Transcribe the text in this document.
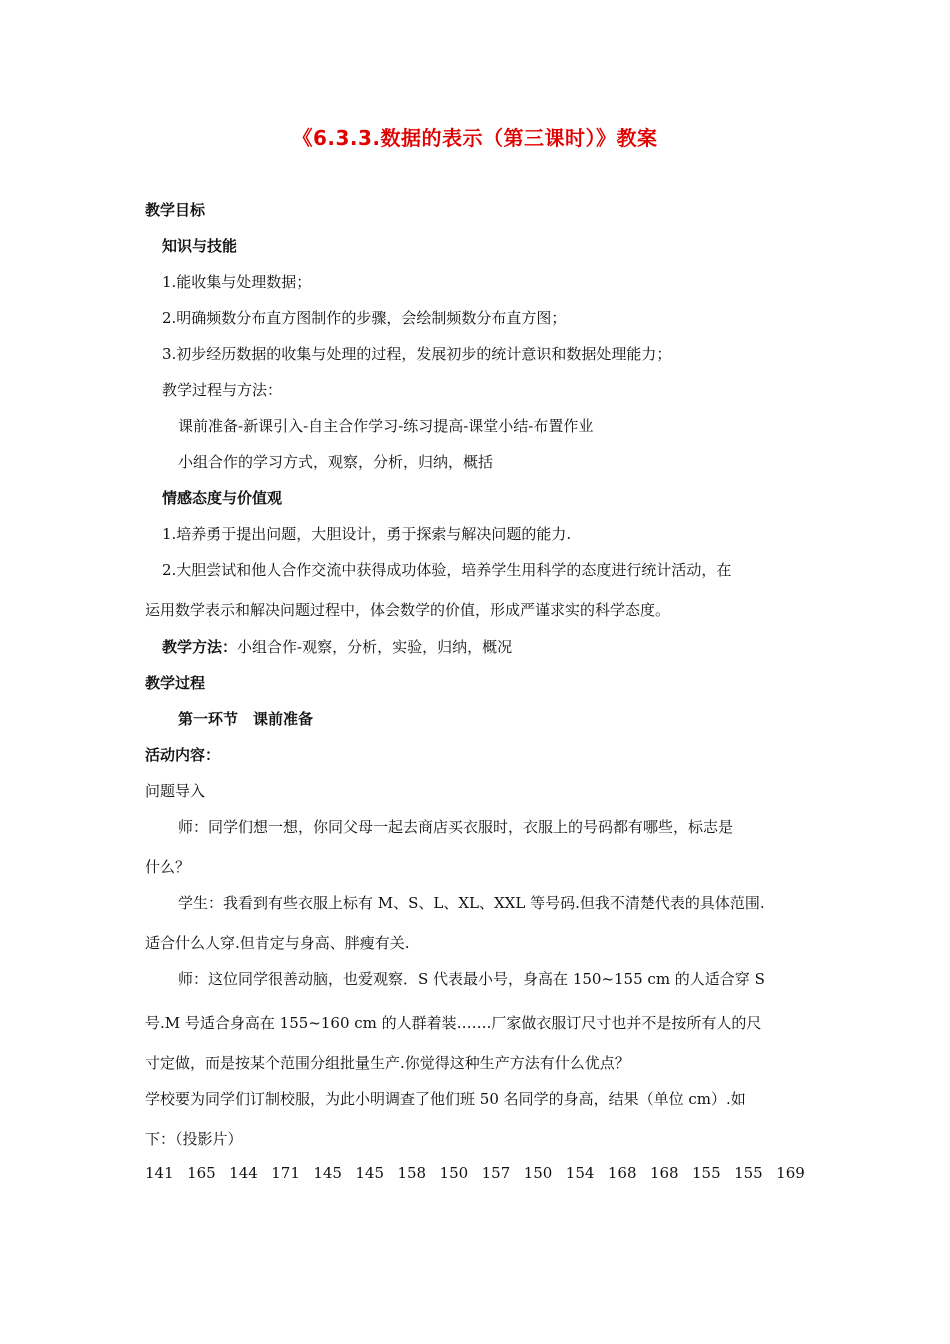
《6.3.3.数据的表示（第三课时）》教案
教学目标
知识与技能
1.能收集与处理数据；
2.明确频数分布直方图制作的步骤，会绘制频数分布直方图；
3.初步经历数据的收集与处理的过程，发展初步的统计意识和数据处理能力；
教学过程与方法：
课前准备-新课引入-自主合作学习-练习提高-课堂小结-布置作业
小组合作的学习方式，观察，分析，归纳，概括
情感态度与价值观
1.培养勇于提出问题，大胆设计，勇于探索与解决问题的能力.
2.大胆尝试和他人合作交流中获得成功体验，培养学生用科学的态度进行统计活动，在
运用数学表示和解决问题过程中，体会数学的价值，形成严谨求实的科学态度。
教学方法：小组合作-观察，分析，实验，归纳，概况
教学过程
第一环节　课前准备
活动内容：
问题导入
师：同学们想一想，你同父母一起去商店买衣服时，衣服上的号码都有哪些，标志是
什么？
学生：我看到有些衣服上标有 M、S、L、XL、XXL 等号码.但我不清楚代表的具体范围.
适合什么人穿.但肯定与身高、胖瘦有关.
师：这位同学很善动脑，也爱观察．S 代表最小号，身高在 150~155 cm 的人适合穿 S
号.M 号适合身高在 155~160 cm 的人群着装…….厂家做衣服订尺寸也并不是按所有人的尺
寸定做，而是按某个范围分组批量生产.你觉得这种生产方法有什么优点？
学校要为同学们订制校服，为此小明调查了他们班 50 名同学的身高，结果（单位 cm）.如
下：（投影片）
141 165 144 171 145 145 158 150 157 150 154 168 168 155 155 169
